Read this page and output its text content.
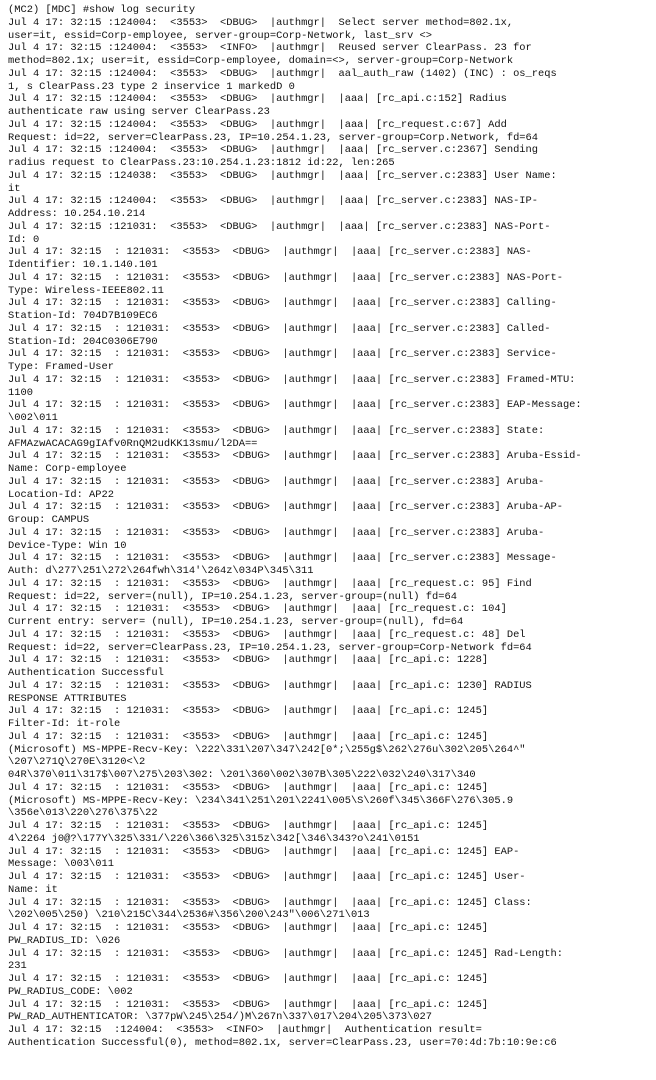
(MC2) [MDC] #show log security
Jul 4 17: 32:15 :124004:  <3553>  <DBUG>  |authmgr|  Select server method=802.1x,
user=it, essid=Corp-employee, server-group=Corp-Network, last_srv <>
Jul 4 17: 32:15 :124004:  <3553>  <INFO>  |authmgr|  Reused server ClearPass. 23 for
method=802.1x; user=it, essid=Corp-employee, domain=<>, server-group=Corp-Network
Jul 4 17: 32:15 :124004:  <3553>  <DBUG>  |authmgr|  aal_auth_raw (1402) (INC) : os_reqs
1, s ClearPass.23 type 2 inservice 1 markedD 0
Jul 4 17: 32:15 :124004:  <3553>  <DBUG>  |authmgr|  |aaa| [rc_api.c:152] Radius
authenticate raw using server ClearPass.23
Jul 4 17: 32:15 :124004:  <3553>  <DBUG>  |authmgr|  |aaa| [rc_request.c:67] Add
Request: id=22, server=ClearPass.23, IP=10.254.1.23, server-group=Corp.Network, fd=64
Jul 4 17: 32:15 :124004:  <3553>  <DBUG>  |authmgr|  |aaa| [rc_server.c:2367] Sending
radius request to ClearPass.23:10.254.1.23:1812 id:22, len:265
Jul 4 17: 32:15 :124038:  <3553>  <DBUG>  |authmgr|  |aaa| [rc_server.c:2383] User Name:
it
Jul 4 17: 32:15 :124004:  <3553>  <DBUG>  |authmgr|  |aaa| [rc_server.c:2383] NAS-IP-
Address: 10.254.10.214
Jul 4 17: 32:15 :121031:  <3553>  <DBUG>  |authmgr|  |aaa| [rc_server.c:2383] NAS-Port-
Id: 0
Jul 4 17: 32:15  : 121031:  <3553>  <DBUG>  |authmgr|  |aaa| [rc_server.c:2383] NAS-
Identifier: 10.1.140.101
Jul 4 17: 32:15  : 121031:  <3553>  <DBUG>  |authmgr|  |aaa| [rc_server.c:2383] NAS-Port-
Type: Wireless-IEEE802.11
Jul 4 17: 32:15  : 121031:  <3553>  <DBUG>  |authmgr|  |aaa| [rc_server.c:2383] Calling-
Station-Id: 704D7B109EC6
Jul 4 17: 32:15  : 121031:  <3553>  <DBUG>  |authmgr|  |aaa| [rc_server.c:2383] Called-
Station-Id: 204C0306E790
Jul 4 17: 32:15  : 121031:  <3553>  <DBUG>  |authmgr|  |aaa| [rc_server.c:2383] Service-
Type: Framed-User
Jul 4 17: 32:15  : 121031:  <3553>  <DBUG>  |authmgr|  |aaa| [rc_server.c:2383] Framed-MTU:
1100
Jul 4 17: 32:15  : 121031:  <3553>  <DBUG>  |authmgr|  |aaa| [rc_server.c:2383] EAP-Message:
\002\011
Jul 4 17: 32:15  : 121031:  <3553>  <DBUG>  |authmgr|  |aaa| [rc_server.c:2383] State:
AFMAzwACACAG9gIAfv0RnQM2udKK13smu/l2DA==
Jul 4 17: 32:15  : 121031:  <3553>  <DBUG>  |authmgr|  |aaa| [rc_server.c:2383] Aruba-Essid-
Name: Corp-employee
Jul 4 17: 32:15  : 121031:  <3553>  <DBUG>  |authmgr|  |aaa| [rc_server.c:2383] Aruba-
Location-Id: AP22
Jul 4 17: 32:15  : 121031:  <3553>  <DBUG>  |authmgr|  |aaa| [rc_server.c:2383] Aruba-AP-
Group: CAMPUS
Jul 4 17: 32:15  : 121031:  <3553>  <DBUG>  |authmgr|  |aaa| [rc_server.c:2383] Aruba-
Device-Type: Win 10
Jul 4 17: 32:15  : 121031:  <3553>  <DBUG>  |authmgr|  |aaa| [rc_server.c:2383] Message-
Auth: d\277\251\272\264fwh\314'\264z\034P\345\311
Jul 4 17: 32:15  : 121031:  <3553>  <DBUG>  |authmgr|  |aaa| [rc_request.c: 95] Find
Request: id=22, server=(null), IP=10.254.1.23, server-group=(null) fd=64
Jul 4 17: 32:15  : 121031:  <3553>  <DBUG>  |authmgr|  |aaa| [rc_request.c: 104]
Current entry: server= (null), IP=10.254.1.23, server-group=(null), fd=64
Jul 4 17: 32:15  : 121031:  <3553>  <DBUG>  |authmgr|  |aaa| [rc_request.c: 48] Del
Request: id=22, server=ClearPass.23, IP=10.254.1.23, server-group=Corp-Network fd=64
Jul 4 17: 32:15  : 121031:  <3553>  <DBUG>  |authmgr|  |aaa| [rc_api.c: 1228]
Authentication Successful
Jul 4 17: 32:15  : 121031:  <3553>  <DBUG>  |authmgr|  |aaa| [rc_api.c: 1230] RADIUS
RESPONSE ATTRIBUTES
Jul 4 17: 32:15  : 121031:  <3553>  <DBUG>  |authmgr|  |aaa| [rc_api.c: 1245]
Filter-Id: it-role
Jul 4 17: 32:15  : 121031:  <3553>  <DBUG>  |authmgr|  |aaa| [rc_api.c: 1245]
(Microsoft) MS-MPPE-Recv-Key: \222\331\207\347\242[0*;\255g$\262\276u\302\205\264^"
\207\271Q\270E\3120<\2
04R\370\011\317$\007\275\203\302: \201\360\002\307B\305\222\032\240\317\340
Jul 4 17: 32:15  : 121031:  <3553>  <DBUG>  |authmgr|  |aaa| [rc_api.c: 1245]
(Microsoft) MS-MPPE-Recv-Key: \234\341\251\201\2241\005\S\260f\345\366F\276\305.9
\356e\013\220\276\375\22
Jul 4 17: 32:15  : 121031:  <3553>  <DBUG>  |authmgr|  |aaa| [rc_api.c: 1245]
4\2264 j0@?\177Y\325\331/\226\366\325\315z\342[\346\343?o\241\0151
Jul 4 17: 32:15  : 121031:  <3553>  <DBUG>  |authmgr|  |aaa| [rc_api.c: 1245] EAP-
Message: \003\011
Jul 4 17: 32:15  : 121031:  <3553>  <DBUG>  |authmgr|  |aaa| [rc_api.c: 1245] User-
Name: it
Jul 4 17: 32:15  : 121031:  <3553>  <DBUG>  |authmgr|  |aaa| [rc_api.c: 1245] Class:
\202\005\250) \210\215C\344\2536#\356\200\243"\006\271\013
Jul 4 17: 32:15  : 121031:  <3553>  <DBUG>  |authmgr|  |aaa| [rc_api.c: 1245]
PW_RADIUS_ID: \026
Jul 4 17: 32:15  : 121031:  <3553>  <DBUG>  |authmgr|  |aaa| [rc_api.c: 1245] Rad-Length:
231
Jul 4 17: 32:15  : 121031:  <3553>  <DBUG>  |authmgr|  |aaa| [rc_api.c: 1245]
PW_RADIUS_CODE: \002
Jul 4 17: 32:15  : 121031:  <3553>  <DBUG>  |authmgr|  |aaa| [rc_api.c: 1245]
PW_RAD_AUTHENTICATOR: \377pW\245\254/)M\267n\337\017\204\205\373\027
Jul 4 17: 32:15  :124004:  <3553>  <INFO>  |authmgr|  Authentication result=
Authentication Successful(0), method=802.1x, server=ClearPass.23, user=70:4d:7b:10:9e:c6
